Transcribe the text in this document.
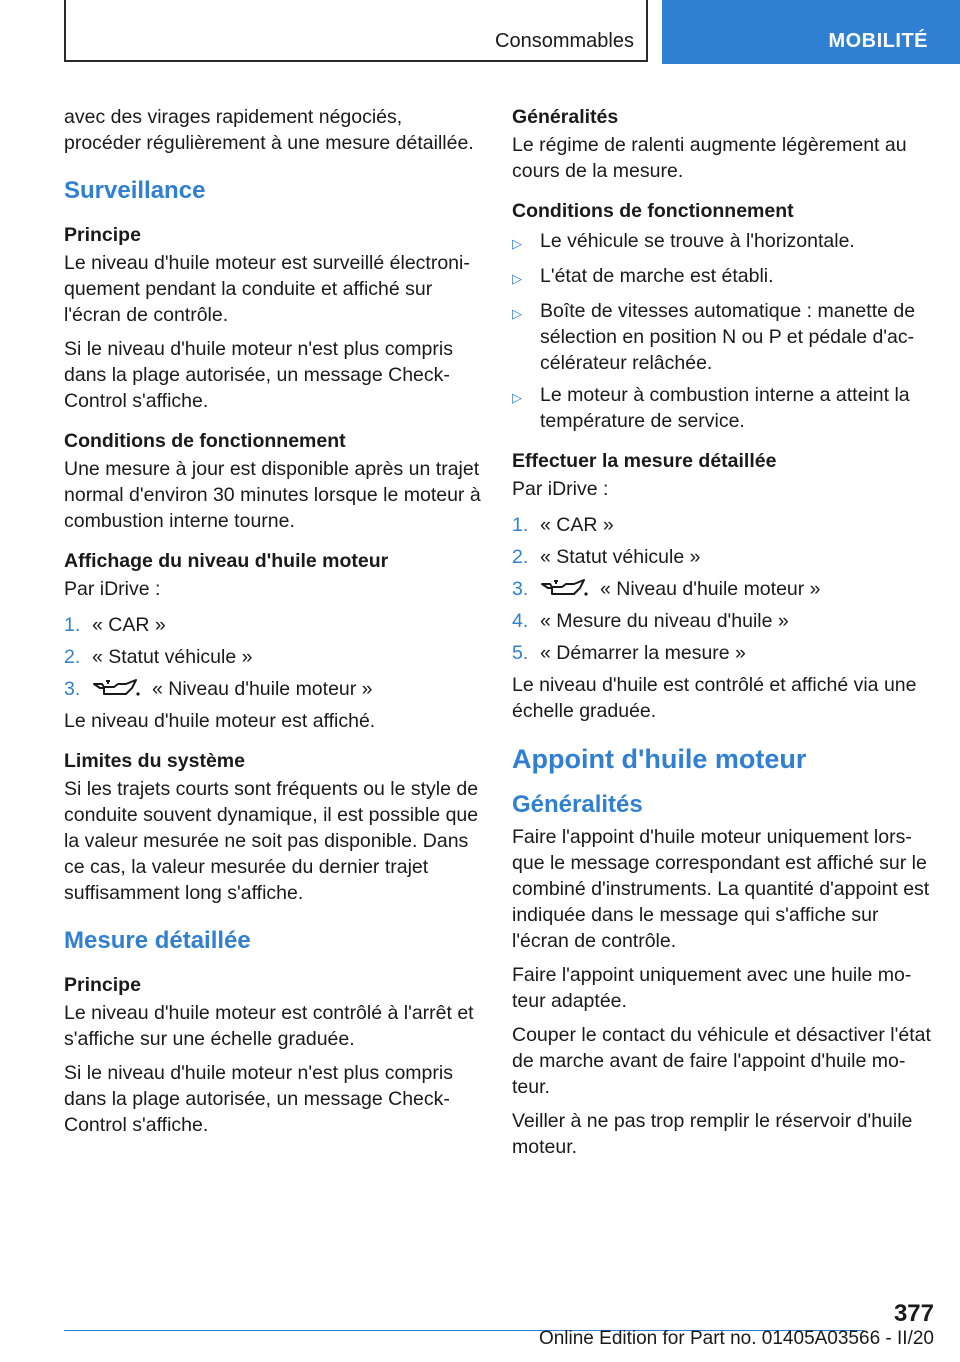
Consommables	MOBILITÉ

avec des virages rapidement négociés, procéder régulièrement à une mesure détaillée.

Surveillance
Principe

Le niveau d'huile moteur est surveillé électroniquement pendant la conduite et affiché sur l'écran de contrôle.

Si le niveau d'huile moteur n'est plus compris dans la plage autorisée, un message Check-Control s'affiche.

Conditions de fonctionnement

Une mesure à jour est disponible après un trajet normal d'environ 30 minutes lorsque le moteur à combustion interne tourne.

Affichage du niveau d'huile moteur

Par iDrive :

1. « CAR »
2. « Statut véhicule »
3.	« Niveau d'huile moteur »

Le niveau d'huile moteur est affiché.

Limites du système

Si les trajets courts sont fréquents ou le style de conduite souvent dynamique, il est possible que la valeur mesurée ne soit pas disponible. Dans ce cas, la valeur mesurée du dernier trajet suffisamment long s'affiche.

Mesure détaillée
Principe

Le niveau d'huile moteur est contrôlé à l'arrêt et s'affiche sur une échelle graduée.

Si le niveau d'huile moteur n'est plus compris dans la plage autorisée, un message Check-Control s'affiche.

Généralités

Le régime de ralenti augmente légèrement au cours de la mesure.

Conditions de fonctionnement
▷ Le véhicule se trouve à l'horizontale.
▷ L'état de marche est établi.
▷ Boîte de vitesses automatique : manette de sélection en position N ou P et pédale d'accélérateur relâchée.
▷ Le moteur à combustion interne a atteint la température de service.
Effectuer la mesure détaillée

Par iDrive :

1. « CAR »
2. « Statut véhicule »
3.	« Niveau d'huile moteur »
4. « Mesure du niveau d'huile »
5. « Démarrer la mesure »

Le niveau d'huile est contrôlé et affiché via une échelle graduée.

Appoint d'huile moteur
Généralités

Faire l'appoint d'huile moteur uniquement lorsque le message correspondant est affiché sur le combiné d'instruments. La quantité d'appoint est indiquée dans le message qui s'affiche sur l'écran de contrôle.

Faire l'appoint uniquement avec une huile moteur adaptée.

Couper le contact du véhicule et désactiver l'état de marche avant de faire l'appoint d'huile moteur.

Veiller à ne pas trop remplir le réservoir d'huile moteur.

377
Online Edition for Part no. 01405A03566 - II/20
